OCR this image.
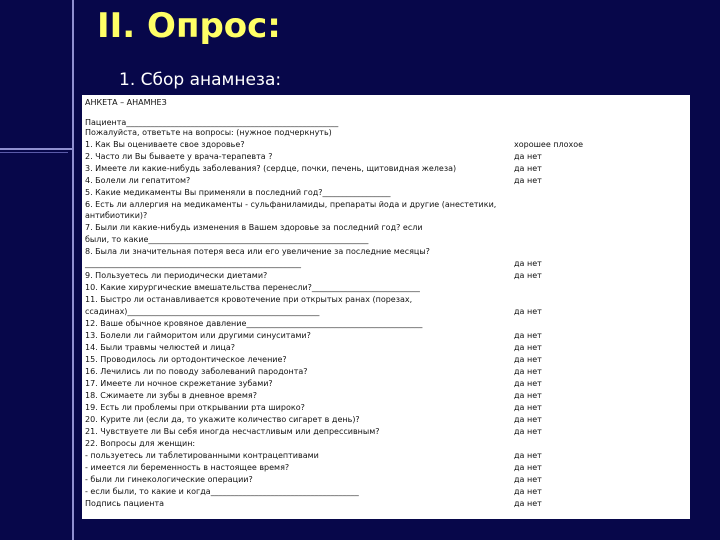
II. Опрос:
1. Сбор анамнеза:
АНКЕТА – АНАМНЕЗ
Пациента_____________________________________________________
Пожалуйста, ответьте на вопросы: (нужное подчеркнуть)
1. Как Вы оцениваете свое здоровье?
2. Часто ли Вы бываете у врача-терапевта ?
3. Имеете ли какие-нибудь заболевания? (сердце, почки, печень, щитовидная железа)
4. Болели ли гепатитом?
5. Какие медикаменты Вы применяли в последний год?_________________
6. Есть ли аллергия на медикаменты - сульфаниламиды, препараты йода и другие (анестетики,
антибиотики)?
7. Были ли какие-нибудь изменения в Вашем здоровье за последний год? если
были, то какие_______________________________________________________
8. Была ли значительная потеря веса или его увеличение за последние месяцы?
______________________________________________________
9. Пользуетесь ли периодически диетами?
10. Какие хирургические вмешательства перенесли?___________________________
11. Быстро ли останавливается кровотечение при открытых ранах (порезах,
ссадинах)________________________________________________
12. Ваше обычное кровяное давление____________________________________________
13. Болели ли гайморитом или другими синуситами?
14. Были травмы челюстей и лица?
15. Проводилось ли ортодонтическое лечение?
16. Лечились ли по поводу заболеваний пародонта?
17. Имеете ли ночное скрежетание зубами?
18. Сжимаете ли зубы в дневное время?
19. Есть ли проблемы при открывании рта широко?
20. Курите ли (если да, то укажите количество сигарет в день)?
21. Чувствуете ли Вы себя иногда несчастливым или депрессивным?
22. Вопросы для женщин:
- пользуетесь ли таблетированными контрацептивами
- имеется ли беременность в настоящее время?
- были ли гинекологические операции?
- если были, то какие и когда_____________________________________
Подпись пациента
хорошее плохое
да нет
да нет
да нет
да нет
да нет
да нет
да нет
да нет
да нет
да нет
да нет
да нет
да нет
да нет
да нет
да нет
да нет
да нет
да нет
да нет
